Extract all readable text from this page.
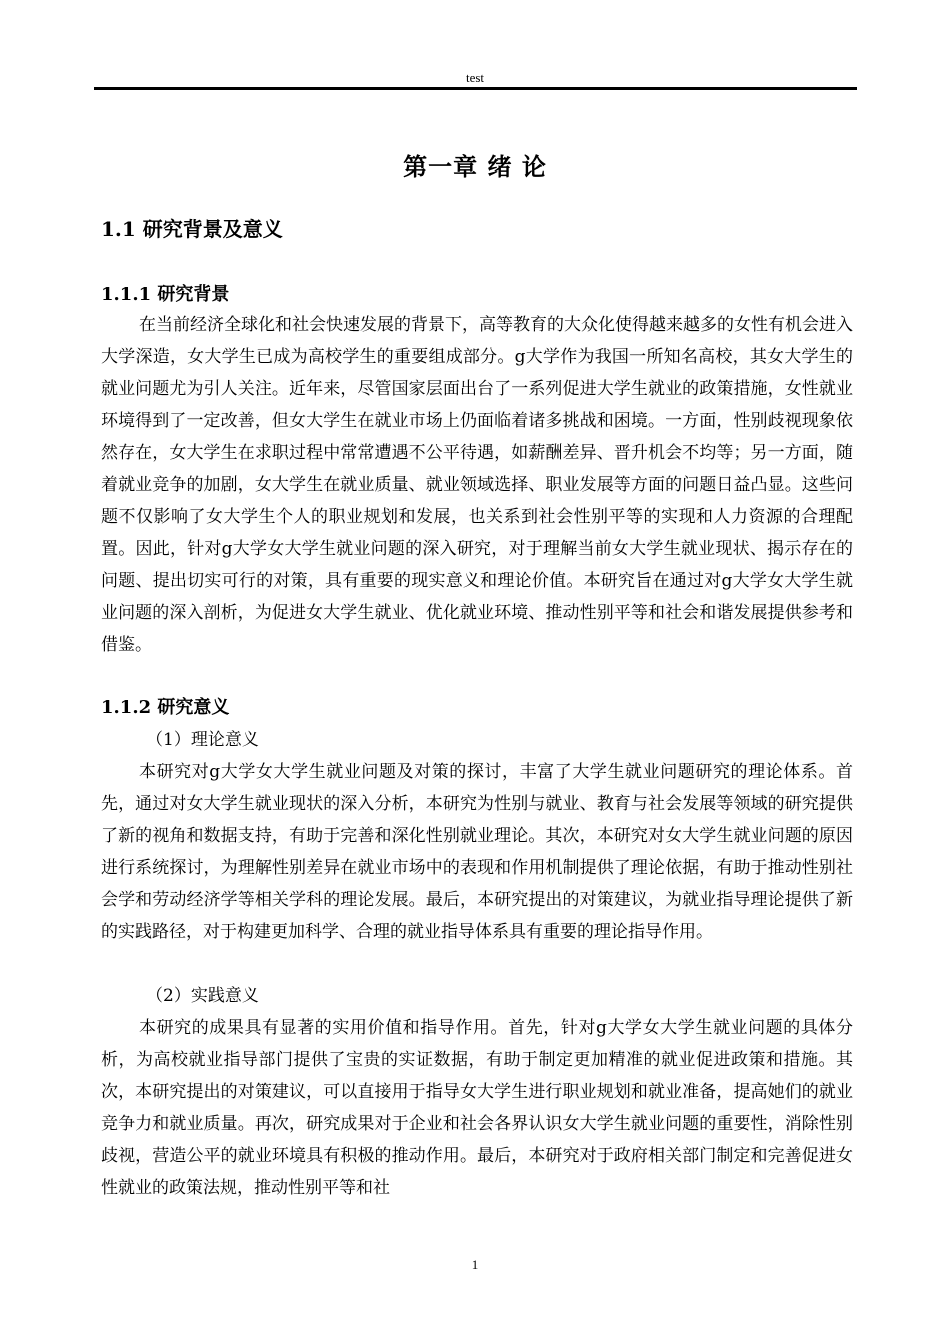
test
第一章 绪 论
1.1 研究背景及意义
1.1.1 研究背景

在当前经济全球化和社会快速发展的背景下，高等教育的大众化使得越来越多的女性有机会进入大学深造，女大学生已成为高校学生的重要组成部分。g大学作为我国一所知名高校，其女大学生的就业问题尤为引人关注。近年来，尽管国家层面出台了一系列促进大学生就业的政策措施，女性就业环境得到了一定改善，但女大学生在就业市场上仍面临着诸多挑战和困境。一方面，性别歧视现象依然存在，女大学生在求职过程中常常遭遇不公平待遇，如薪酬差异、晋升机会不均等；另一方面，随着就业竞争的加剧，女大学生在就业质量、就业领域选择、职业发展等方面的问题日益凸显。这些问题不仅影响了女大学生个人的职业规划和发展，也关系到社会性别平等的实现和人力资源的合理配置。因此，针对g大学女大学生就业问题的深入研究，对于理解当前女大学生就业现状、揭示存在的问题、提出切实可行的对策，具有重要的现实意义和理论价值。本研究旨在通过对g大学女大学生就业问题的深入剖析，为促进女大学生就业、优化就业环境、推动性别平等和社会和谐发展提供参考和借鉴。

1.1.2 研究意义
（1）理论意义

本研究对g大学女大学生就业问题及对策的探讨，丰富了大学生就业问题研究的理论体系。首先，通过对女大学生就业现状的深入分析，本研究为性别与就业、教育与社会发展等领域的研究提供了新的视角和数据支持，有助于完善和深化性别就业理论。其次，本研究对女大学生就业问题的原因进行系统探讨，为理解性别差异在就业市场中的表现和作用机制提供了理论依据，有助于推动性别社会学和劳动经济学等相关学科的理论发展。最后，本研究提出的对策建议，为就业指导理论提供了新的实践路径，对于构建更加科学、合理的就业指导体系具有重要的理论指导作用。

（2）实践意义

本研究的成果具有显著的实用价值和指导作用。首先，针对g大学女大学生就业问题的具体分析，为高校就业指导部门提供了宝贵的实证数据，有助于制定更加精准的就业促进政策和措施。其次，本研究提出的对策建议，可以直接用于指导女大学生进行职业规划和就业准备，提高她们的就业竞争力和就业质量。再次，研究成果对于企业和社会各界认识女大学生就业问题的重要性，消除性别歧视，营造公平的就业环境具有积极的推动作用。最后，本研究对于政府相关部门制定和完善促进女性就业的政策法规，推动性别平等和社

1
